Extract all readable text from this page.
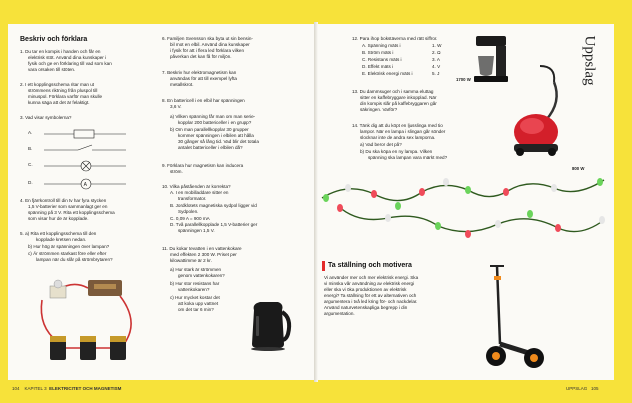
Beskriv och förklara
1. Du tar en kompis i handen och får en
elektrisk stöt. Använd dina kunskaper i
fysik och ge en förklaring till vad som kan
vara orsaken till stöten.
2. I ett kopplingsschema ritar man ut
strömmens riktning från pluspol till
minuspol. Förklara varför man skulle
kunna säga att det är felaktigt.
3. Vad visar symbolerna?
A
A.
B.
C.
D.
4. En fjärrkontroll till din tv har fyra stycken
1,5 V-batterier som sammanlagt ger en
spänning på 3 V. Rita ett kopplingsschema
som visar hur de är kopplade.
5. a) Rita ett kopplingsschema till den
kopplade kretsen nedan.
b) Hur hög är spänningen över lampan?
c) Är strömmen starkast före eller efter
lampan när du slår på strömbrytaren?
6. Familjen Svensson ska byta ut sin bensin-
bil mot en elbil. Använd dina kunskaper
i fysik för att i flera led förklara vilken
påverkan det kan få för miljön.
7. Beskriv hur elektromagnetism kan
användas för att till exempel lyfta
metallskrot.
8. En battericell i en elbil har spänningen
3,6 V.
a) Vilken spänning får man om man serie-
kopplar 200 battericeller i en grupp?
b) Om man parallellkopplar 30 grupper
kommer spänningen i elbilen att hålla
30 gånger så lång tid. Vad blir det totala
antalet battericeller i elbilen då?
9. Förklara hur magnetism kan inducera
ström.
10. Vilka påståenden är korrekta?
A. I en mobilladdare sitter en
transformator.
B. Jordklotets magnetiska sydpol ligger vid
Sydpolen.
C. 0,09 A = 900 mA
D. Två parallellkopplade 1,5 V-batterier ger
spänningen 1,5 V.
11. Du kokar tevatten i en vattenkokare
med effekten 2 300 W. Priset per
kilowattimme är 2 kr.
a) Hur stark är strömmen
genom vattenkokaren?
b) Hur stor resistans har
vattenkokaren?
c) Hur mycket kostar det
att koka upp vattnet
om det tar 6 min?
12. Para ihop bokstäverna med rätt siffror.
A. Spänning mäts i	1. W
B. Ström mäts i	2. Ω
C. Resistans mäts i	3. A
D. Effekt mäts i	4. V
E. Elektrisk energi mäts i	5. J
13. Du dammsuger och i samma eluttag
sitter en kaffebryggare inkopplad. När
din kompis slår på kaffebryggaren går
säkringen. Varför?
14. Tänk dig att du köpt en ljusslinga med tio
lampor. När en lampa i slingan går sönder
slocknar inte de andra sex lamporna.
a) Vad beror det på?
b) Du ska köpa en ny lampa. Vilken
spänning ska lampan vara märkt med?
1700 W
800 W
Ta ställning och motivera
Vi använder mer och mer elektrisk energi. Ska
vi minska vår användning av elektrisk energi
eller ska vi öka produktionen av elektrisk
energi? Ta ställning för ett av alternativen och
argumentera i två led kring för- och nackdelar.
Använd naturvetenskapliga begrepp i din
argumentation.
Uppslag
104 KAPITEL 3 ELEKTRICITET OCH MAGNETISM	UPPSLAG 105
